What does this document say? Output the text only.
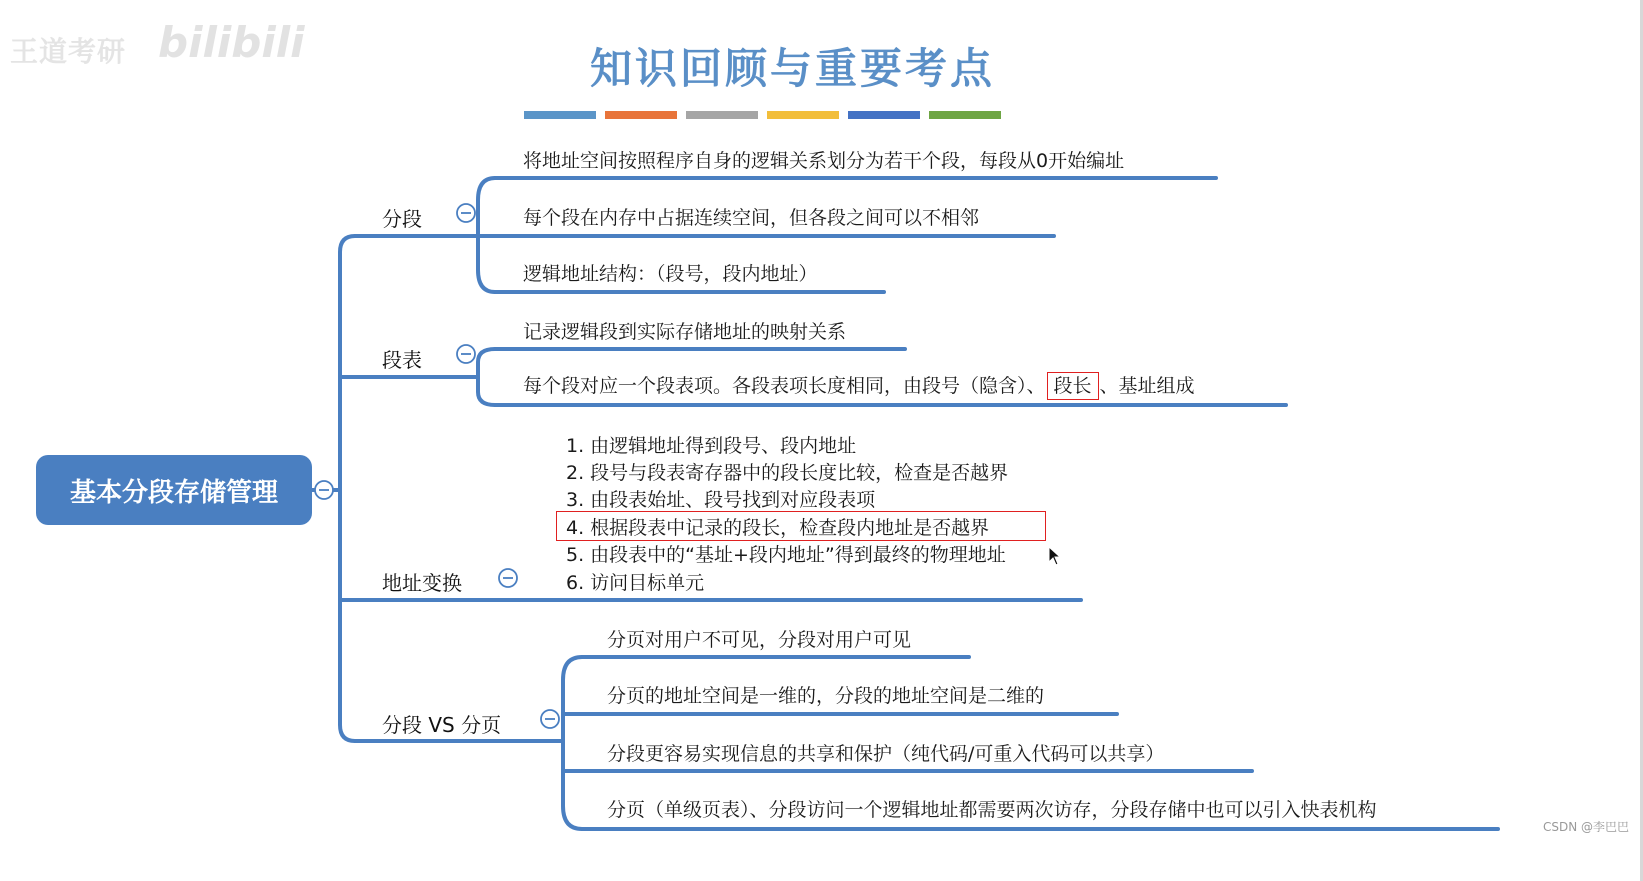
王道考研 bilibili
知识回顾与重要考点
基本分段存储管理
分段
段表
地址变换
分段 VS 分页
将地址空间按照程序自身的逻辑关系划分为若干个段，每段从0开始编址
每个段在内存中占据连续空间，但各段之间可以不相邻
逻辑地址结构：（段号，段内地址）
记录逻辑段到实际存储地址的映射关系
每个段对应一个段表项。各段表项长度相同，由段号（隐含）、 段长 、基址组成
1. 由逻辑地址得到段号、段内地址
2. 段号与段表寄存器中的段长度比较，检查是否越界
3. 由段表始址、段号找到对应段表项
4. 根据段表中记录的段长，检查段内地址是否越界
5. 由段表中的“基址+段内地址”得到最终的物理地址
6. 访问目标单元
分页对用户不可见，分段对用户可见
分页的地址空间是一维的，分段的地址空间是二维的
分段更容易实现信息的共享和保护（纯代码/可重入代码可以共享）
分页（单级页表）、分段访问一个逻辑地址都需要两次访存，分段存储中也可以引入快表机构
CSDN @李巴巴
